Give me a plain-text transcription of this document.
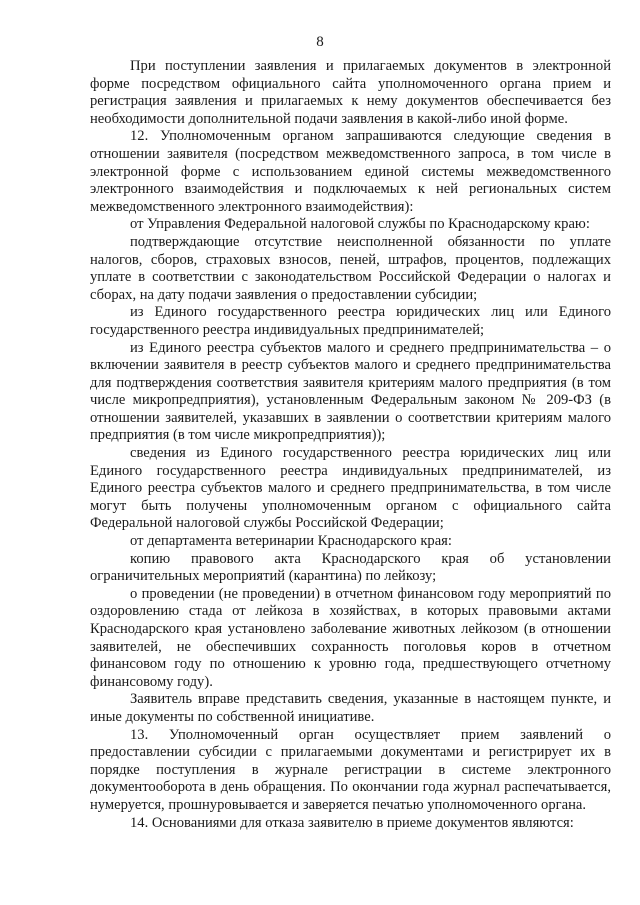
8

При поступлении заявления и прилагаемых документов в электронной форме посредством официального сайта уполномоченного органа прием и регистрация заявления и прилагаемых к нему документов обеспечивается без необходимости дополнительной подачи заявления в какой-либо иной форме.

12. Уполномоченным органом запрашиваются следующие сведения в отношении заявителя (посредством межведомственного запроса, в том числе в электронной форме с использованием единой системы межведомственного электронного взаимодействия и подключаемых к ней региональных систем межведомственного электронного взаимодействия):

от Управления Федеральной налоговой службы по Краснодарскому краю:

подтверждающие отсутствие неисполненной обязанности по уплате налогов, сборов, страховых взносов, пеней, штрафов, процентов, подлежащих уплате в соответствии с законодательством Российской Федерации о налогах и сборах, на дату подачи заявления о предоставлении субсидии;

из Единого государственного реестра юридических лиц или Единого государственного реестра индивидуальных предпринимателей;

из Единого реестра субъектов малого и среднего предпринимательства – о включении заявителя в реестр субъектов малого и среднего предпринимательства для подтверждения соответствия заявителя критериям малого предприятия (в том числе микропредприятия), установленным Федеральным законом № 209-ФЗ (в отношении заявителей, указавших в заявлении о соответствии критериям малого предприятия (в том числе микропредприятия));

сведения из Единого государственного реестра юридических лиц или Единого государственного реестра индивидуальных предпринимателей, из Единого реестра субъектов малого и среднего предпринимательства, в том числе могут быть получены уполномоченным органом с официального сайта Федеральной налоговой службы Российской Федерации;

от департамента ветеринарии Краснодарского края:

копию правового акта Краснодарского края об установлении ограничительных мероприятий (карантина) по лейкозу;

о проведении (не проведении) в отчетном финансовом году мероприятий по оздоровлению стада от лейкоза в хозяйствах, в которых правовыми актами Краснодарского края установлено заболевание животных лейкозом (в отношении заявителей, не обеспечивших сохранность поголовья коров в отчетном финансовом году по отношению к уровню года, предшествующего отчетному финансовому году).

Заявитель вправе представить сведения, указанные в настоящем пункте, и иные документы по собственной инициативе.

13. Уполномоченный орган осуществляет прием заявлений о предоставлении субсидии с прилагаемыми документами и регистрирует их в порядке поступления в журнале регистрации в системе электронного документооборота в день обращения. По окончании года журнал распечатывается, нумеруется, прошнуровывается и заверяется печатью уполномоченного органа.

14. Основаниями для отказа заявителю в приеме документов являются:
